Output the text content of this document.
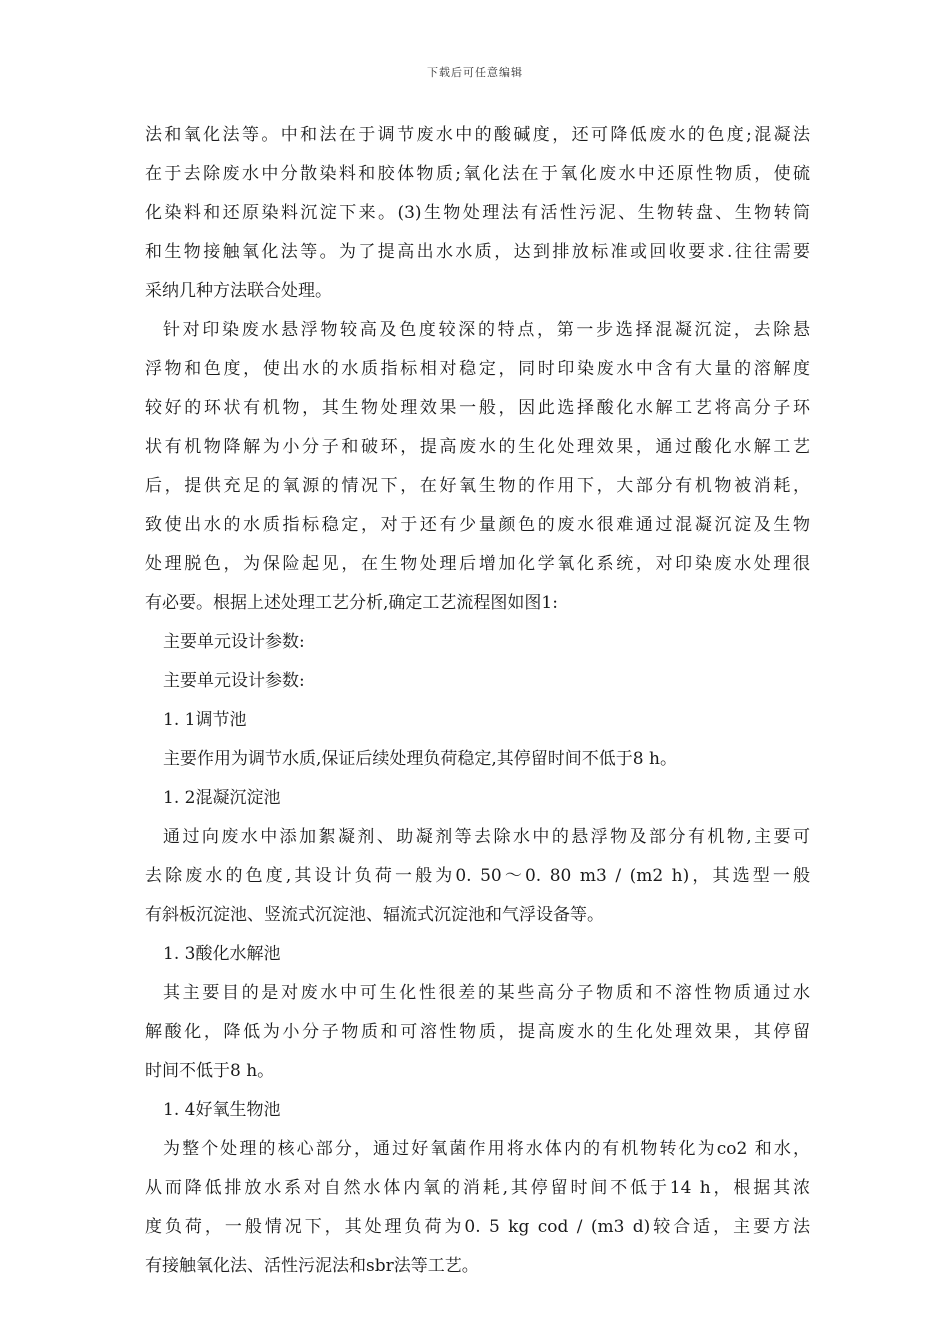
下载后可任意编辑
法和氧化法等。中和法在于调节废水中的酸碱度，还可降低废水的色度;混凝法
在于去除废水中分散染料和胶体物质;氧化法在于氧化废水中还原性物质，使硫
化染料和还原染料沉淀下来。(3)生物处理法有活性污泥、生物转盘、生物转筒
和生物接触氧化法等。为了提高出水水质，达到排放标准或回收要求.往往需要
采纳几种方法联合处理。
针对印染废水悬浮物较高及色度较深的特点，第一步选择混凝沉淀，去除悬
浮物和色度，使出水的水质指标相对稳定，同时印染废水中含有大量的溶解度
较好的环状有机物，其生物处理效果一般，因此选择酸化水解工艺将高分子环
状有机物降解为小分子和破环，提高废水的生化处理效果，通过酸化水解工艺
后，提供充足的氧源的情况下，在好氧生物的作用下，大部分有机物被消耗，
致使出水的水质指标稳定，对于还有少量颜色的废水很难通过混凝沉淀及生物
处理脱色，为保险起见，在生物处理后增加化学氧化系统，对印染废水处理很
有必要。根据上述处理工艺分析,确定工艺流程图如图1:
主要单元设计参数:
主要单元设计参数:
1. 1调节池
主要作用为调节水质,保证后续处理负荷稳定,其停留时间不低于8 h。
1. 2混凝沉淀池
通过向废水中添加絮凝剂、助凝剂等去除水中的悬浮物及部分有机物,主要可
去除废水的色度,其设计负荷一般为0. 50～0. 80 m3 / (m2 h)，其选型一般
有斜板沉淀池、竖流式沉淀池、辐流式沉淀池和气浮设备等。
1. 3酸化水解池
其主要目的是对废水中可生化性很差的某些高分子物质和不溶性物质通过水
解酸化，降低为小分子物质和可溶性物质，提高废水的生化处理效果，其停留
时间不低于8 h。
1. 4好氧生物池
为整个处理的核心部分，通过好氧菌作用将水体内的有机物转化为co2 和水，
从而降低排放水系对自然水体内氧的消耗,其停留时间不低于14 h，根据其浓
度负荷，一般情况下，其处理负荷为0. 5 kg cod / (m3 d)较合适，主要方法
有接触氧化法、活性污泥法和sbr法等工艺。
